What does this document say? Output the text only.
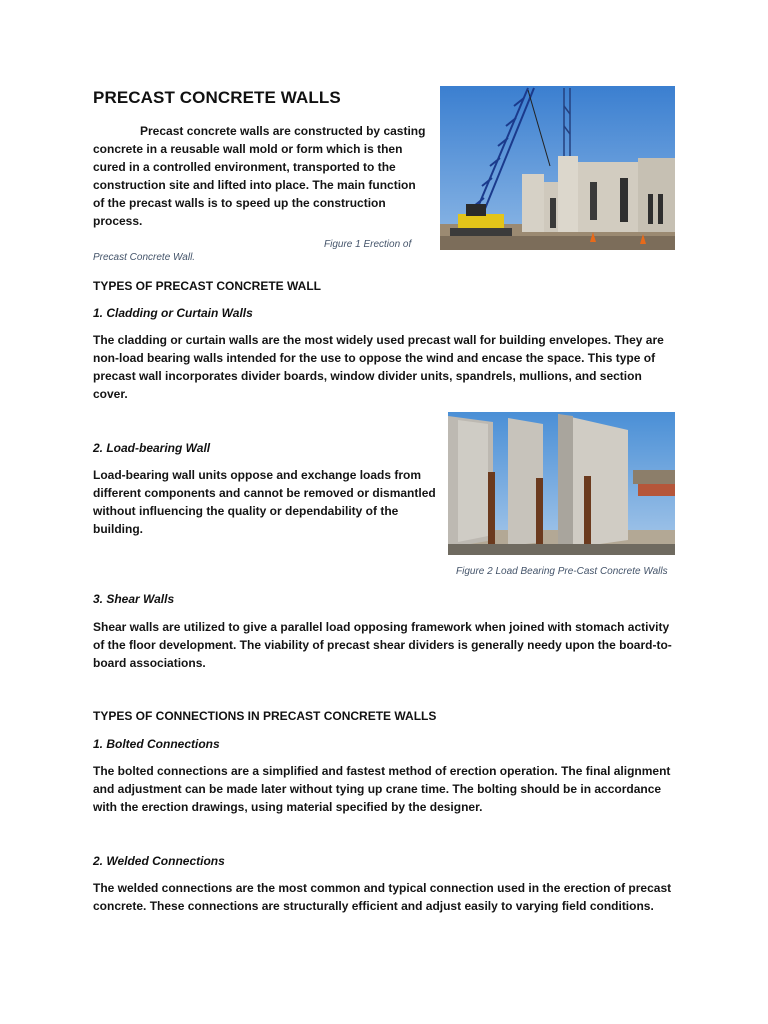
PRECAST CONCRETE WALLS
Precast concrete walls are constructed by casting concrete in a reusable wall mold or form which is then cured in a controlled environment, transported to the construction site and lifted into place. The main function of the precast walls is to speed up the construction process.
Figure 1 Erection of
Precast Concrete Wall.
TYPES OF PRECAST CONCRETE WALL
1. Cladding or Curtain Walls
The cladding or curtain walls are the most widely used precast wall for building envelopes. They are non-load bearing walls intended for the use to oppose the wind and encase the space. This type of precast wall incorporates divider boards, window divider units, spandrels, mullions, and section cover.
2. Load-bearing Wall
Load-bearing wall units oppose and exchange loads from different components and cannot be removed or dismantled without influencing the quality or dependability of the building.
Figure 2 Load Bearing Pre-Cast Concrete Walls
3. Shear Walls
Shear walls are utilized to give a parallel load opposing framework when joined with stomach activity of the floor development. The viability of precast shear dividers is generally needy upon the board-to-board associations.
TYPES OF CONNECTIONS IN PRECAST CONCRETE WALLS
1. Bolted Connections
The bolted connections are a simplified and fastest method of erection operation. The final alignment and adjustment can be made later without tying up crane time. The bolting should be in accordance with the erection drawings, using material specified by the designer.
2. Welded Connections
The welded connections are the most common and typical connection used in the erection of precast concrete. These connections are structurally efficient and adjust easily to varying field conditions.
